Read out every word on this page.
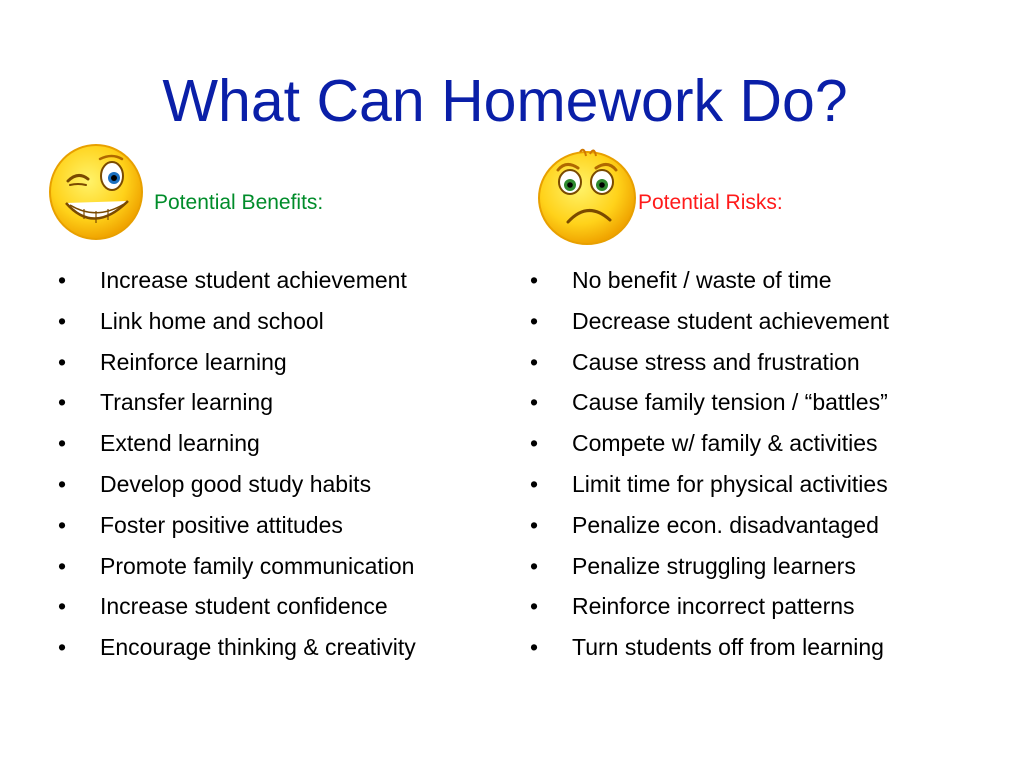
What Can Homework Do?
Potential Benefits:	Potential Risks:
•	Increase student achievement
•	Link home and school
•	Reinforce learning
•	Transfer learning
•	Extend learning
•	Develop good study habits
•	Foster positive attitudes
•	Promote family communication
•	Increase student confidence
•	Encourage thinking & creativity
•	No benefit / waste of time
•	Decrease student achievement
•	Cause stress and frustration
•	Cause family tension / “battles”
•	Compete w/ family & activities
•	Limit time for physical activities
•	Penalize econ. disadvantaged
•	Penalize struggling learners
•	Reinforce incorrect patterns
•	Turn students off from learning
